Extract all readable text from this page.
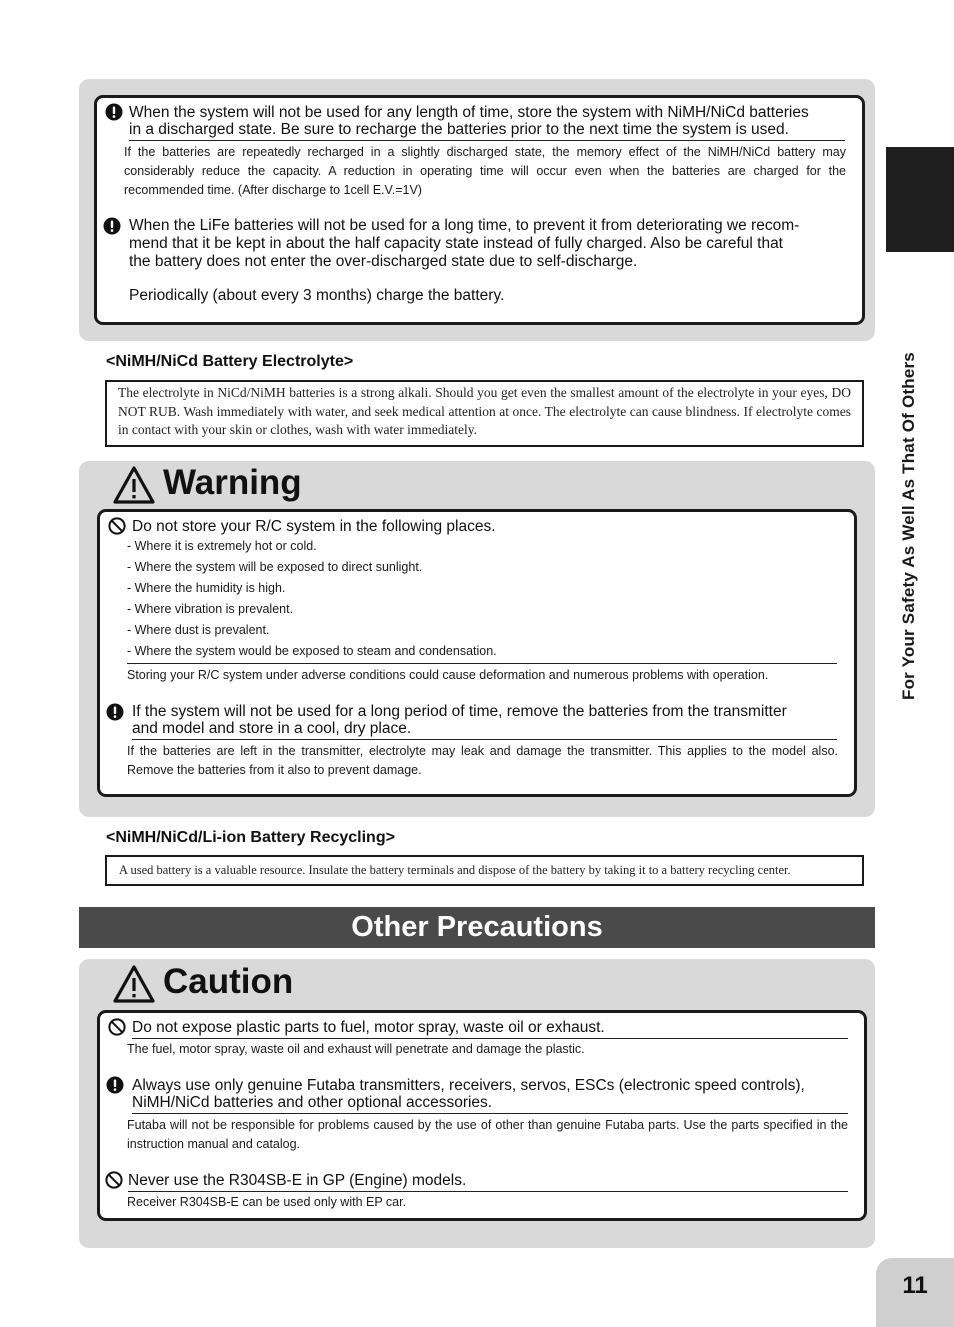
When the system will not be used for any length of time, store the system with NiMH/NiCd batteries
in a discharged state. Be sure to recharge the batteries prior to the next time the system is used.
If the batteries are repeatedly recharged in a slightly discharged state, the memory effect of the NiMH/NiCd battery may considerably reduce the capacity. A reduction in operating time will occur even when the batteries are charged for the recommended time. (After discharge to 1cell E.V.=1V)
When the LiFe batteries will not be used for a long time, to prevent it from deteriorating we recom-
mend that it be kept in about the half capacity state instead of fully charged. Also be careful that
the battery does not enter the over-discharged state due to self-discharge.
Periodically (about every 3 months) charge the battery.
<NiMH/NiCd Battery Electrolyte>
The electrolyte in NiCd/NiMH batteries is a strong alkali. Should you get even the smallest amount of the electrolyte in your eyes, DO NOT RUB. Wash immediately with water, and seek medical attention at once. The electrolyte can cause blindness. If electrolyte comes in contact with your skin or clothes, wash with water immediately.
Warning
Do not store your R/C system in the following places.
- Where it is extremely hot or cold.
- Where the system will be exposed to direct sunlight.
- Where the humidity is high.
- Where vibration is prevalent.
- Where dust is prevalent.
- Where the system would be exposed to steam and condensation.
Storing your R/C system under adverse conditions could cause deformation and numerous problems with operation.
If the system will not be used for a long period of time, remove the batteries from the transmitter
and model and store in a cool, dry place.
If the batteries are left in the transmitter, electrolyte may leak and damage the transmitter. This applies to the model also. Remove the batteries from it also to prevent damage.
<NiMH/NiCd/Li-ion Battery Recycling>
A used battery is a valuable resource. Insulate the battery terminals and dispose of the battery by taking it to a battery recycling center.
Other Precautions
Caution
Do not expose plastic parts to fuel, motor spray, waste oil or exhaust.
The fuel, motor spray, waste oil and exhaust will penetrate and damage the plastic.
Always use only genuine Futaba transmitters, receivers, servos, ESCs (electronic speed controls),
NiMH/NiCd batteries and other optional accessories.
Futaba will not be responsible for problems caused by the use of other than genuine Futaba parts. Use the parts specified in the instruction manual and catalog.
Never use the R304SB-E in GP (Engine) models.
Receiver R304SB-E can be used only with EP car.
For Your Safety As Well As That Of Others
11
